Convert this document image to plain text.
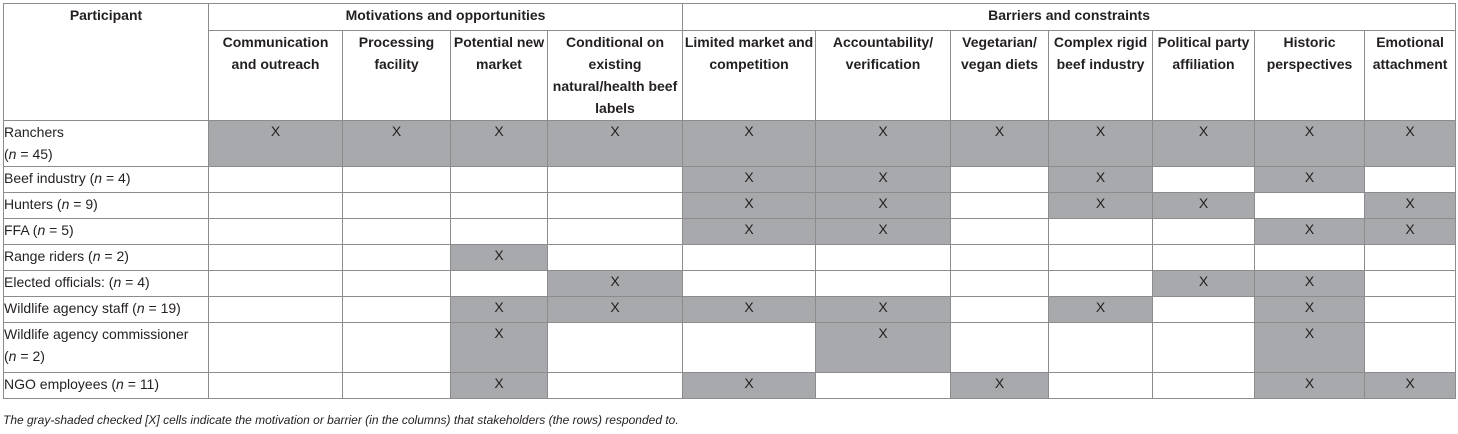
Participant	Motivations and opportunities				Barriers and constraints						
	Communication and outreach	Processing facility	Potential new market	Conditional on existing natural/health beef labels	Limited market and competition	Accountability/ verification	Vegetarian/ vegan diets	Complex rigid beef industry	Political party affiliation	Historic perspectives	Emotional attachment
Ranchers
(n = 45)	X	X	X	X	X	X	X	X	X	X	X
Beef industry (n = 4)					X	X		X		X	
Hunters (n = 9)					X	X		X	X		X
FFA (n = 5)					X	X				X	X
Range riders (n = 2)			X								
Elected officials: (n = 4)				X					X	X	
Wildlife agency staff (n = 19)			X	X	X	X		X		X	
Wildlife agency commissioner
(n = 2)			X			X				X	
NGO employees (n = 11)			X		X		X			X	X
The gray-shaded checked [X] cells indicate the motivation or barrier (in the columns) that stakeholders (the rows) responded to.
